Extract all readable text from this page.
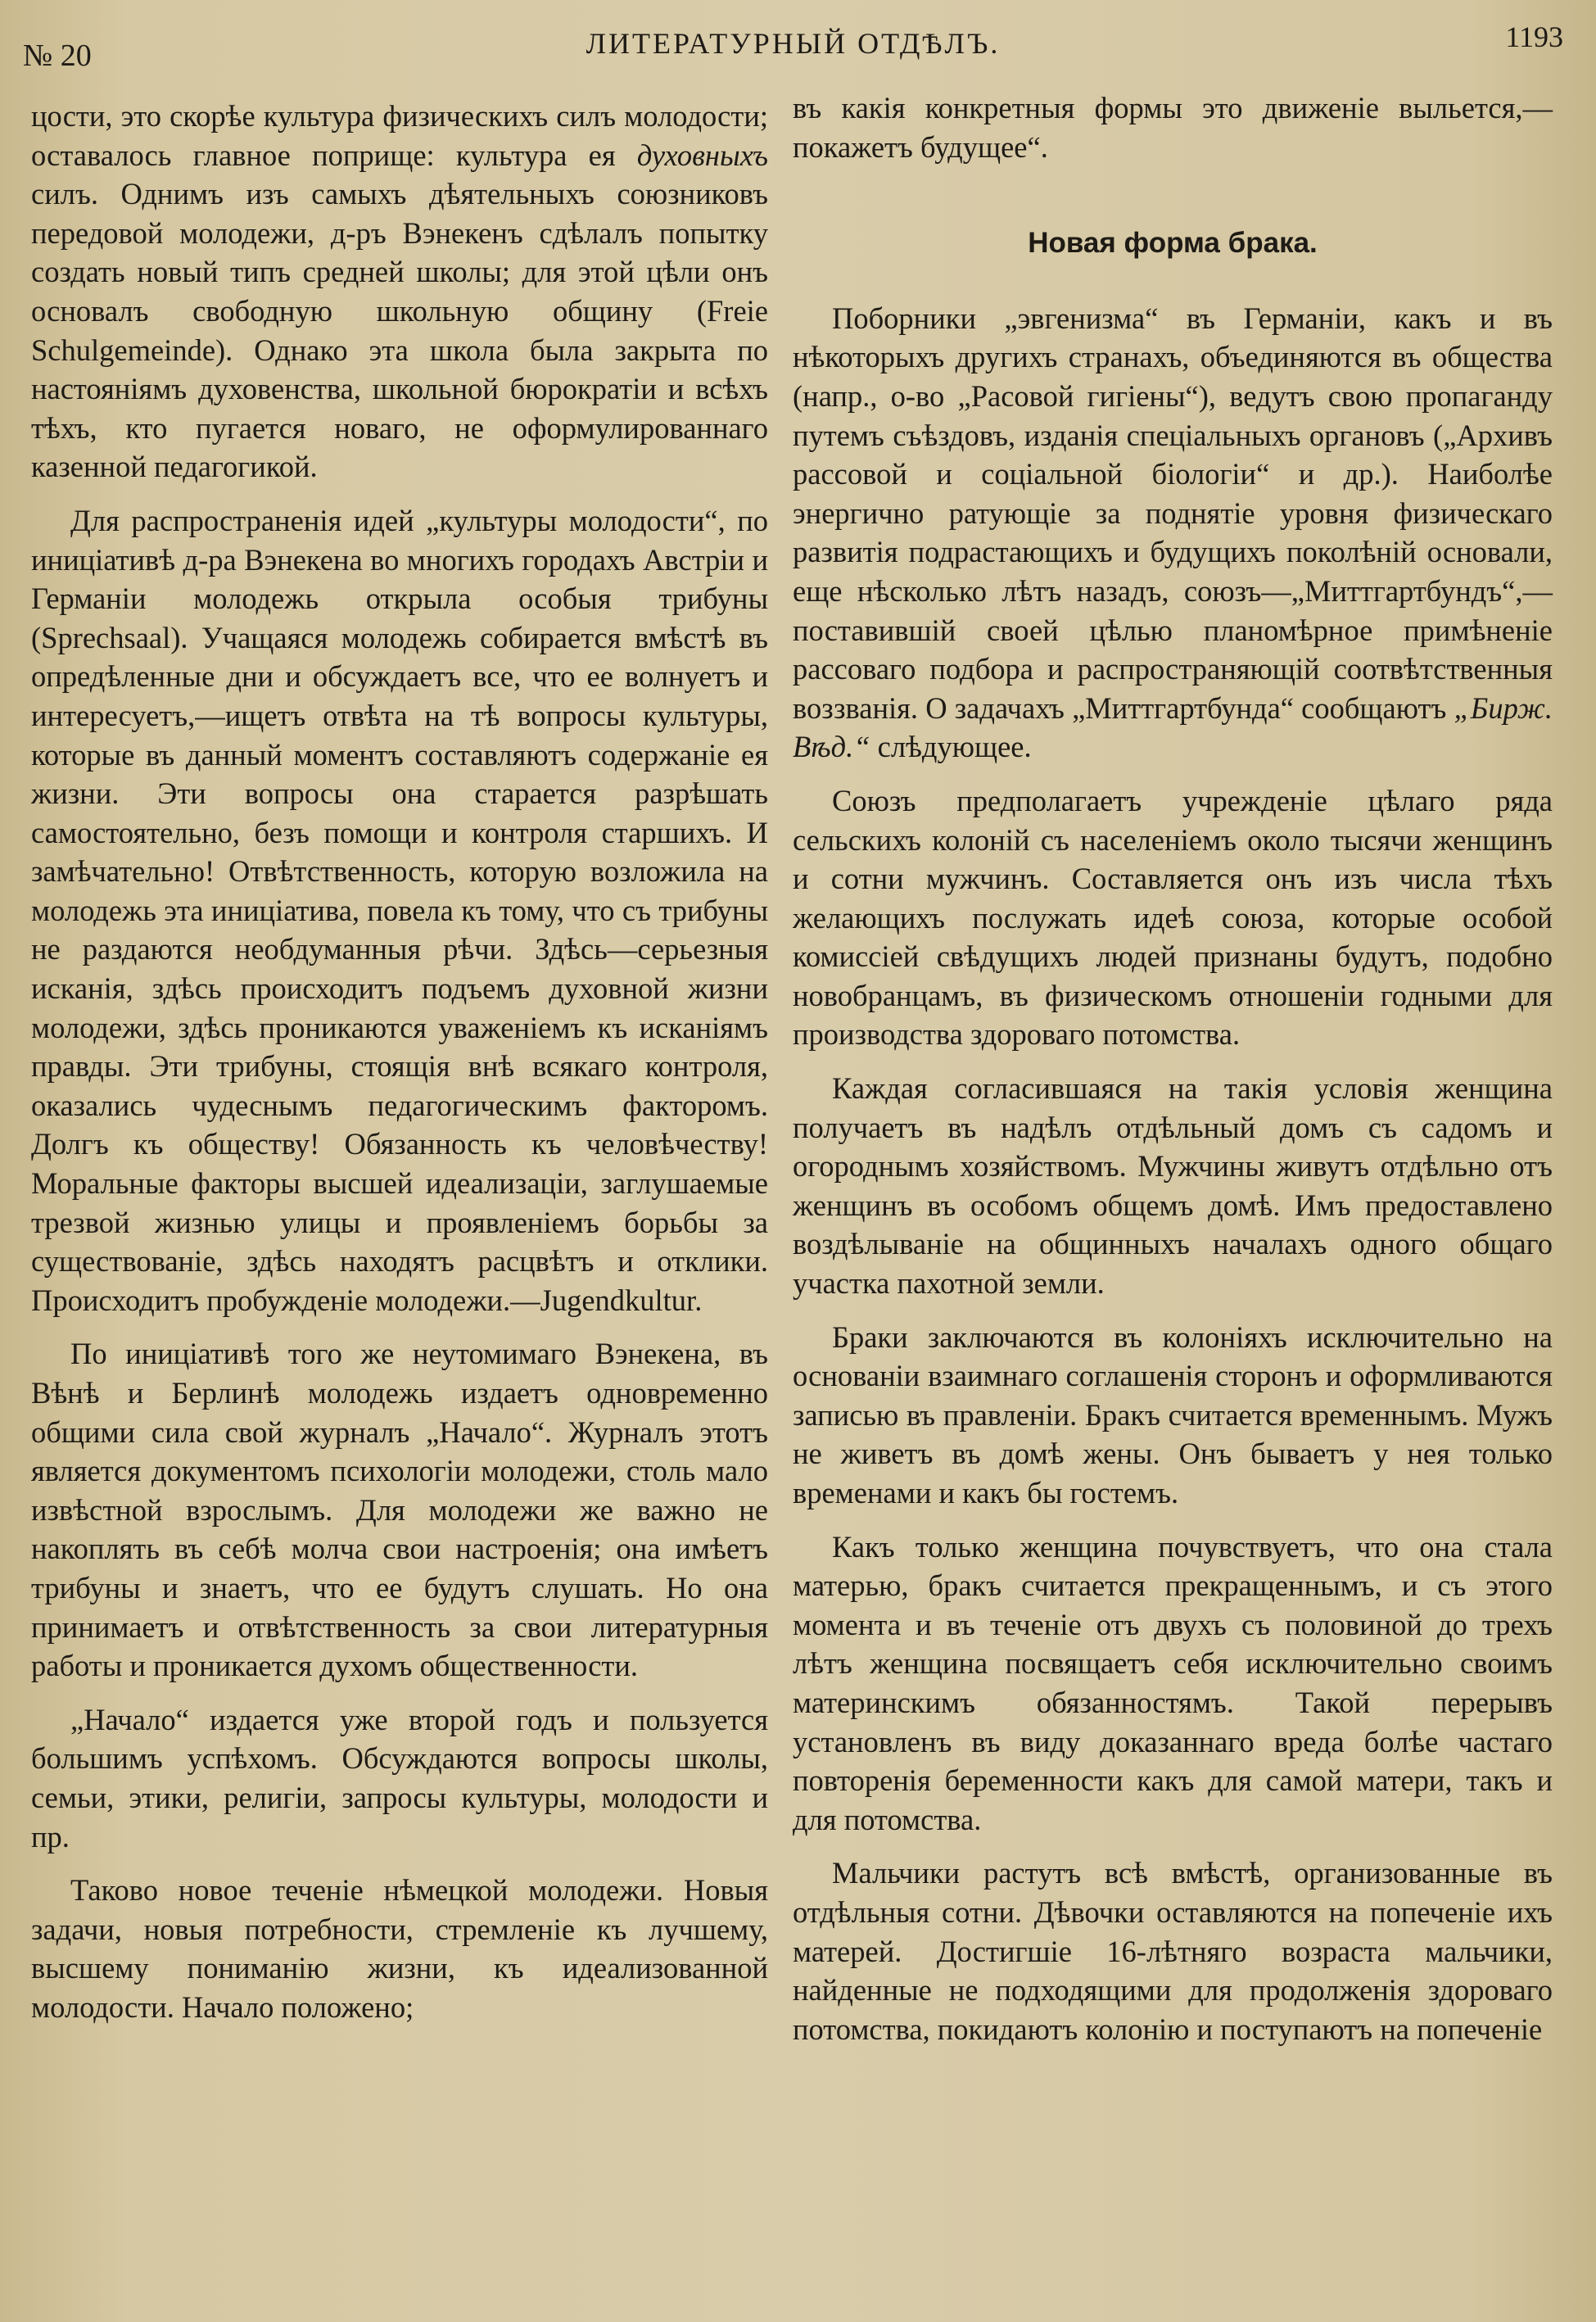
№ 20	ЛИТЕРАТУРНЫЙ ОТДѢЛЪ.	1193

цости, это скорѣе культура физическихъ силъ молодости; оставалось главное поприще: культура ея духовныхъ силъ. Однимъ изъ самыхъ дѣятельныхъ союзниковъ передовой молодежи, д-ръ Вэнекенъ сдѣлалъ попытку создать новый типъ средней школы; для этой цѣли онъ основалъ свободную школьную общину (Freie Schulgemeinde). Однако эта школа была закрыта по настояніямъ духовенства, школьной бюрократіи и всѣхъ тѣхъ, кто пугается новаго, не оформулированнаго казенной педагогикой.

Для распространенія идей „культуры молодости“, по иниціативѣ д-ра Вэнекена во многихъ городахъ Австріи и Германіи молодежь открыла особыя трибуны (Sprechsaal). Учащаяся молодежь собирается вмѣстѣ въ опредѣленные дни и обсуждаетъ все, что ее волнуетъ и интересуетъ,—ищетъ отвѣта на тѣ вопросы культуры, которые въ данный моментъ составляютъ содержаніе ея жизни. Эти вопросы она старается разрѣшать самостоятельно, безъ помощи и контроля старшихъ. И замѣчательно! Отвѣтственность, которую возложила на молодежь эта иниціатива, повела къ тому, что съ трибуны не раздаются необдуманныя рѣчи. Здѣсь—серьезныя исканія, здѣсь происходитъ подъемъ духовной жизни молодежи, здѣсь проникаются уваженіемъ къ исканіямъ правды. Эти трибуны, стоящія внѣ всякаго контроля, оказались чудеснымъ педагогическимъ факторомъ. Долгъ къ обществу! Обязанность къ человѣчеству! Моральные факторы высшей идеализаціи, заглушаемые трезвой жизнью улицы и проявленіемъ борьбы за существованіе, здѣсь находятъ расцвѣтъ и отклики. Происходитъ пробужденіе молодежи.—Jugendkultur.

По иниціативѣ того же неутомимаго Вэнекена, въ Вѣнѣ и Берлинѣ молодежь издаетъ одновременно общими сила свой журналъ „Начало“. Журналъ этотъ является документомъ психологіи молодежи, столь мало извѣстной взрослымъ. Для молодежи же важно не накоплять въ себѣ молча свои настроенія; она имѣетъ трибуны и знаетъ, что ее будутъ слушать. Но она принимаетъ и отвѣтственность за свои литературныя работы и проникается духомъ общественности.

„Начало“ издается уже второй годъ и пользуется большимъ успѣхомъ. Обсуждаются вопросы школы, семьи, этики, религіи, запросы культуры, молодости и пр.

Таково новое теченіе нѣмецкой молодежи. Новыя задачи, новыя потребности, стремленіе къ лучшему, высшему пониманію жизни, къ идеализованной молодости. Начало положено;

въ какія конкретныя формы это движеніе выльется,—покажетъ будущее“.

Новая форма брака.

Поборники „эвгенизма“ въ Германіи, какъ и въ нѣкоторыхъ другихъ странахъ, объединяются въ общества (напр., о-во „Расовой гигіены“), ведутъ свою пропаганду путемъ съѣздовъ, изданія спеціальныхъ органовъ („Архивъ рассовой и соціальной біологіи“ и др.). Наиболѣе энергично ратующіе за поднятіе уровня физическаго развитія подрастающихъ и будущихъ поколѣній основали, еще нѣсколько лѣтъ назадъ, союзъ—„Миттгартбундъ“,—поставившій своей цѣлью планомѣрное примѣненіе рассоваго подбора и распространяющій соотвѣтственныя воззванія. О задачахъ „Миттгартбунда“ сообщаютъ „Бирж. Вѣд.“ слѣдующее.

Союзъ предполагаетъ учрежденіе цѣлаго ряда сельскихъ колоній съ населеніемъ около тысячи женщинъ и сотни мужчинъ. Составляется онъ изъ числа тѣхъ желающихъ послужать идеѣ союза, которые особой комиссіей свѣдущихъ людей признаны будутъ, подобно новобранцамъ, въ физическомъ отношеніи годными для производства здороваго потомства.

Каждая согласившаяся на такія условія женщина получаетъ въ надѣлъ отдѣльный домъ съ садомъ и огороднымъ хозяйствомъ. Мужчины живутъ отдѣльно отъ женщинъ въ особомъ общемъ домѣ. Имъ предоставлено воздѣлываніе на общинныхъ началахъ одного общаго участка пахотной земли.

Браки заключаются въ колоніяхъ исключительно на основаніи взаимнаго соглашенія сторонъ и оформливаются записью въ правленіи. Бракъ считается временнымъ. Мужъ не живетъ въ домѣ жены. Онъ бываетъ у нея только временами и какъ бы гостемъ.

Какъ только женщина почувствуетъ, что она стала матерью, бракъ считается прекращеннымъ, и съ этого момента и въ теченіе отъ двухъ съ половиной до трехъ лѣтъ женщина посвящаетъ себя исключительно своимъ материнскимъ обязанностямъ. Такой перерывъ установленъ въ виду доказаннаго вреда болѣе частаго повторенія беременности какъ для самой матери, такъ и для потомства.

Мальчики растутъ всѣ вмѣстѣ, организованные въ отдѣльныя сотни. Дѣвочки оставляются на попеченіе ихъ матерей. Достигшіе 16-лѣтняго возраста мальчики, найденные не подходящими для продолженія здороваго потомства, покидаютъ колонію и поступаютъ на попеченіе
